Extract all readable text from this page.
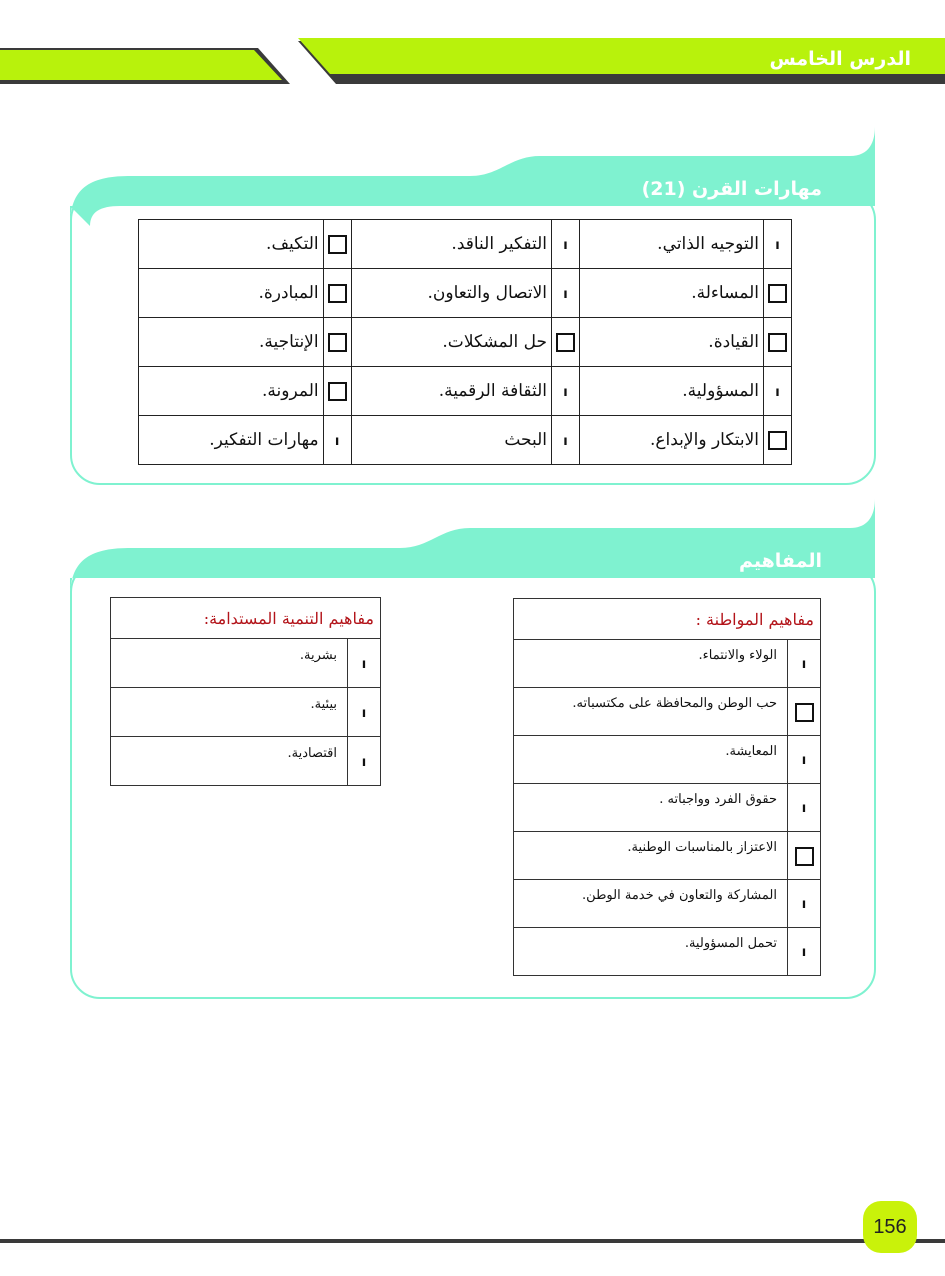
الدرس الخامس
مهارات القرن (21)
ı	التوجيه الذاتي.	ı	التفكير الناقد.		التكيف.
	المساءلة.	ı	الاتصال والتعاون.		المبادرة.
	القيادة.		حل المشكلات.		الإنتاجية.
ı	المسؤولية.	ı	الثقافة الرقمية.		المرونة.
	الابتكار والإبداع.	ı	البحث	ı	مهارات التفكير.
المفاهيم
مفاهيم المواطنة :	
ı	الولاء والانتماء.
	حب الوطن والمحافظة على مكتسباته.
ı	المعايشة.
ı	حقوق الفرد وواجباته .
	الاعتزاز بالمناسبات الوطنية.
ı	المشاركة والتعاون في خدمة الوطن.
ı	تحمل المسؤولية.
مفاهيم التنمية المستدامة:	
ı	بشرية.
ı	بيئية.
ı	اقتصادية.
156
